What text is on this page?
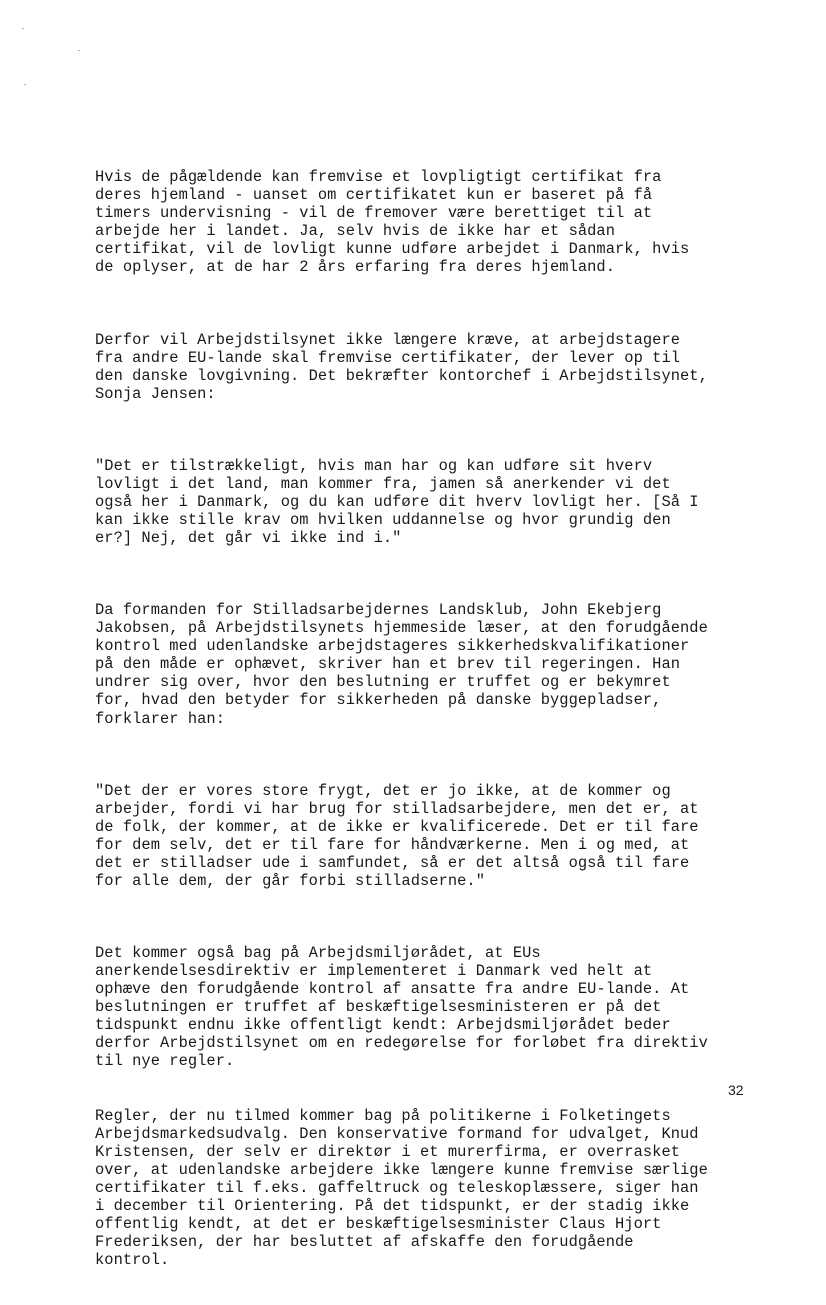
Hvis de pågældende kan fremvise et lovpligtigt certifikat fra
deres hjemland - uanset om certifikatet kun er baseret på få
timers undervisning - vil de fremover være berettiget til at
arbejde her i landet. Ja, selv hvis de ikke har et sådan
certifikat, vil de lovligt kunne udføre arbejdet i Danmark, hvis
de oplyser, at de har 2 års erfaring fra deres hjemland.

Derfor vil Arbejdstilsynet ikke længere kræve, at arbejdstagere
fra andre EU-lande skal fremvise certifikater, der lever op til
den danske lovgivning. Det bekræfter kontorchef i Arbejdstilsynet,
Sonja Jensen:

"Det er tilstrækkeligt, hvis man har og kan udføre sit hverv
lovligt i det land, man kommer fra, jamen så anerkender vi det
også her i Danmark, og du kan udføre dit hverv lovligt her. [Så I
kan ikke stille krav om hvilken uddannelse og hvor grundig den
er?] Nej, det går vi ikke ind i."

Da formanden for Stilladsarbejdernes Landsklub, John Ekebjerg
Jakobsen, på Arbejdstilsynets hjemmeside læser, at den forudgående
kontrol med udenlandske arbejdstageres sikkerhedskvalifikationer
på den måde er ophævet, skriver han et brev til regeringen. Han
undrer sig over, hvor den beslutning er truffet og er bekymret
for, hvad den betyder for sikkerheden på danske byggepladser,
forklarer han:

"Det der er vores store frygt, det er jo ikke, at de kommer og
arbejder, fordi vi har brug for stilladsarbejdere, men det er, at
de folk, der kommer, at de ikke er kvalificerede. Det er til fare
for dem selv, det er til fare for håndværkerne. Men i og med, at
det er stilladser ude i samfundet, så er det altså også til fare
for alle dem, der går forbi stilladserne."

Det kommer også bag på Arbejdsmiljørådet, at EUs
anerkendelsesdirektiv er implementeret i Danmark ved helt at
ophæve den forudgående kontrol af ansatte fra andre EU-lande. At
beslutningen er truffet af beskæftigelsesministeren er på det
tidspunkt endnu ikke offentligt kendt: Arbejdsmiljørådet beder
derfor Arbejdstilsynet om en redegørelse for forløbet fra direktiv
til nye regler.

Regler, der nu tilmed kommer bag på politikerne i Folketingets
Arbejdsmarkedsudvalg. Den konservative formand for udvalget, Knud
Kristensen, der selv er direktør i et murerfirma, er overrasket
over, at udenlandske arbejdere ikke længere kunne fremvise særlige
certifikater til f.eks. gaffeltruck og teleskoplæssere, siger han
i december til Orientering. På det tidspunkt, er der stadig ikke
offentlig kendt, at det er beskæftigelsesminister Claus Hjort
Frederiksen, der har besluttet af afskaffe den forudgående
kontrol.

32
